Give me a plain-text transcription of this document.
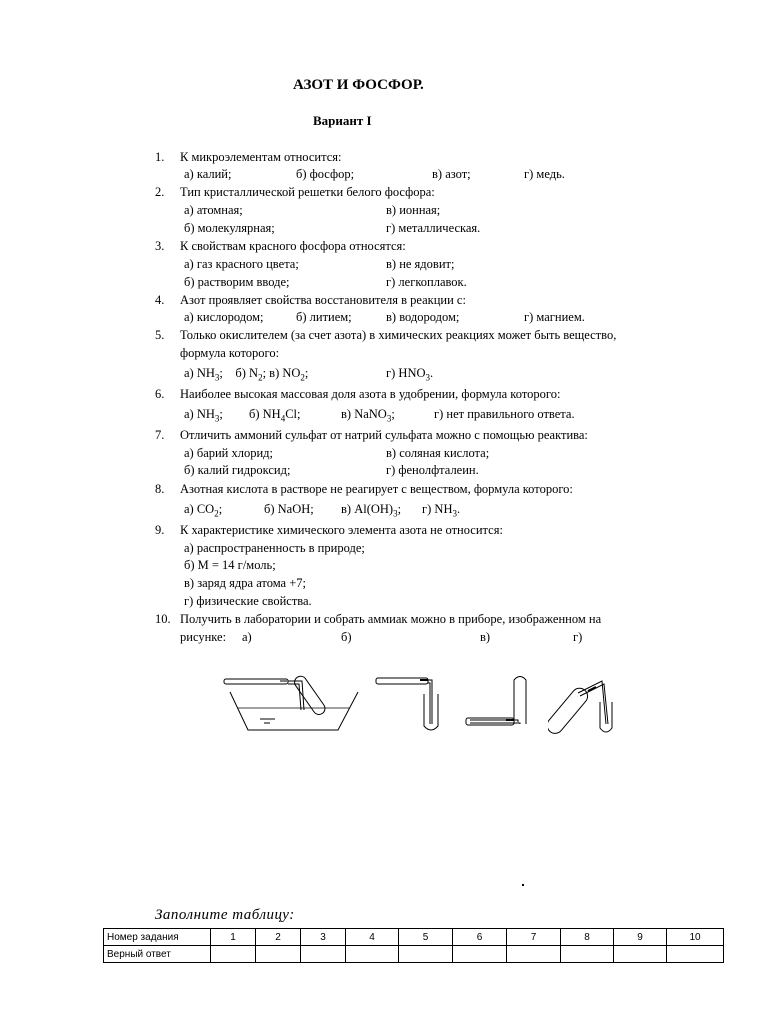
АЗОТ И ФОСФОР.
Вариант I
1. К микроэлементам относится:
а) калий;	б) фосфор;	в) азот;	г) медь.
2. Тип кристаллической решетки белого фосфора:
а) атомная;	в) ионная;
б) молекулярная;	г) металлическая.
3. К свойствам красного фосфора относятся:
а) газ красного цвета;	в) не ядовит;
б) растворим вводе;	г) легкоплавок.
4. Азот проявляет свойства восстановителя в реакции с:
а) кислородом;	б) литием;	в) водородом;	г) магнием.
5. Только окислителем (за счет азота) в химических реакциях может быть вещество,
формула которого:
а) $NH_3$; б) $N_2$; в) $NO_2$;	г) $HNO_3$.
6. Наиболее высокая массовая доля азота в удобрении, формула которого:
а) $NH_3$; б) $NH_4Cl$;	в) NaNO$_3$;	г) нет правильного ответа.
7. Отличить аммоний сульфат от натрий сульфата можно с помощью реактива:
а) барий хлорид;	в) соляная кислота;
б) калий гидроксид;	г) фенолфталеин.
8. Азотная кислота в растворе не реагирует с веществом, формула которого:
а) $CO_2$;	б) NaOH; в) $Al(OH)_3$; г) $NH_3$.
9. К характеристике химического элемента азота не относится:
а) распространенность в природе;
б) М = 14 г/моль;
в) заряд ядра атома +7;
г) физические свойства.
10. Получить в лаборатории и собрать аммиак можно в приборе, изображенном на
рисунке: а)	б)	в)	г)
Заполните таблицу:
Номер задания	1	2	3	4	5	6	7	8	9	10
Верный ответ										
